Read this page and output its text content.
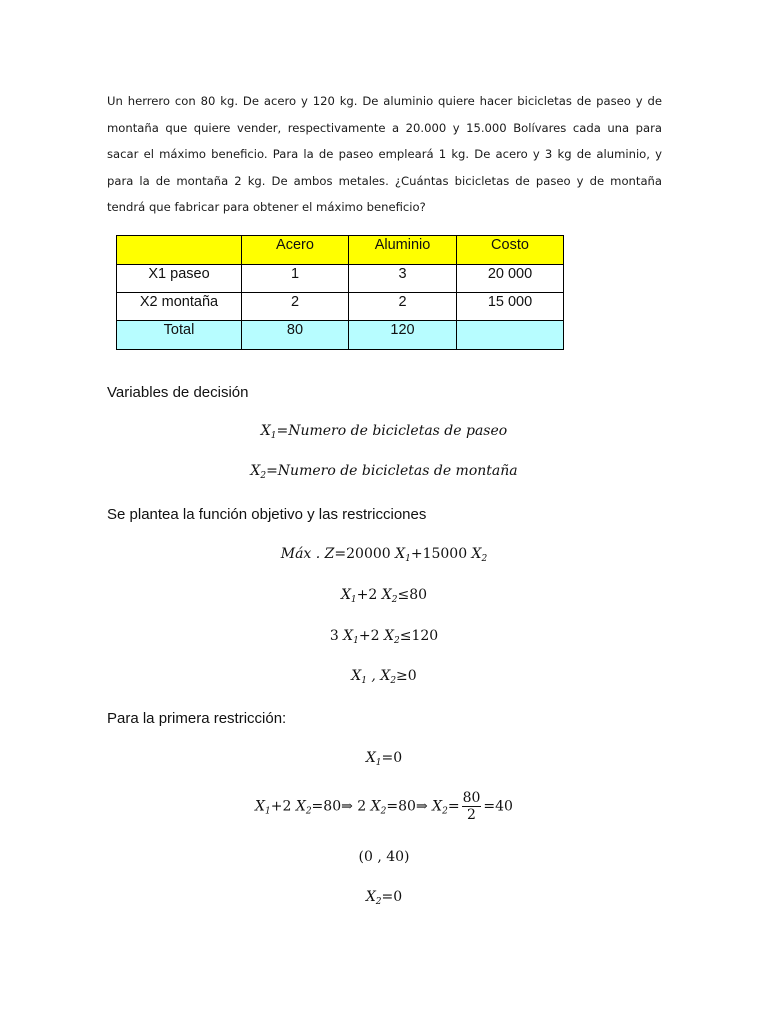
Un herrero con 80 kg. De acero y 120 kg. De aluminio quiere hacer bicicletas de paseo y de montaña que quiere vender, respectivamente a 20.000 y 15.000 Bolívares cada una para sacar el máximo beneficio. Para la de paseo empleará 1 kg. De acero y 3 kg de aluminio, y para la de montaña 2 kg. De ambos metales. ¿Cuántas bicicletas de paseo y de montaña tendrá que fabricar para obtener el máximo beneficio?

	Acero	Aluminio	Costo
X1 paseo	1	3	20 000
X2 montaña	2	2	15 000
Total	80	120	
Variables de decisión
$X_1=Numero$ de bicicletas de paseo
$X_2=Numero$ de bicicletas de montaña
Se plantea la función objetivo y las restricciones
Máx . Z=20000 $X_1+15000$ $X_2$
$X_1+2$ $X_2\le 80$
3 $X_1+2$ $X_2\le 120$
$X_1$ , $X_2\ge 0$
Para la primera restricción:
$X_1=0$
$X_1+2$ $X_2=80\Rightarrow$ 2 $X_2=80\Rightarrow$ $X_2= \frac{80}{2} =40$
(0 , 40)
$X_2=0$
